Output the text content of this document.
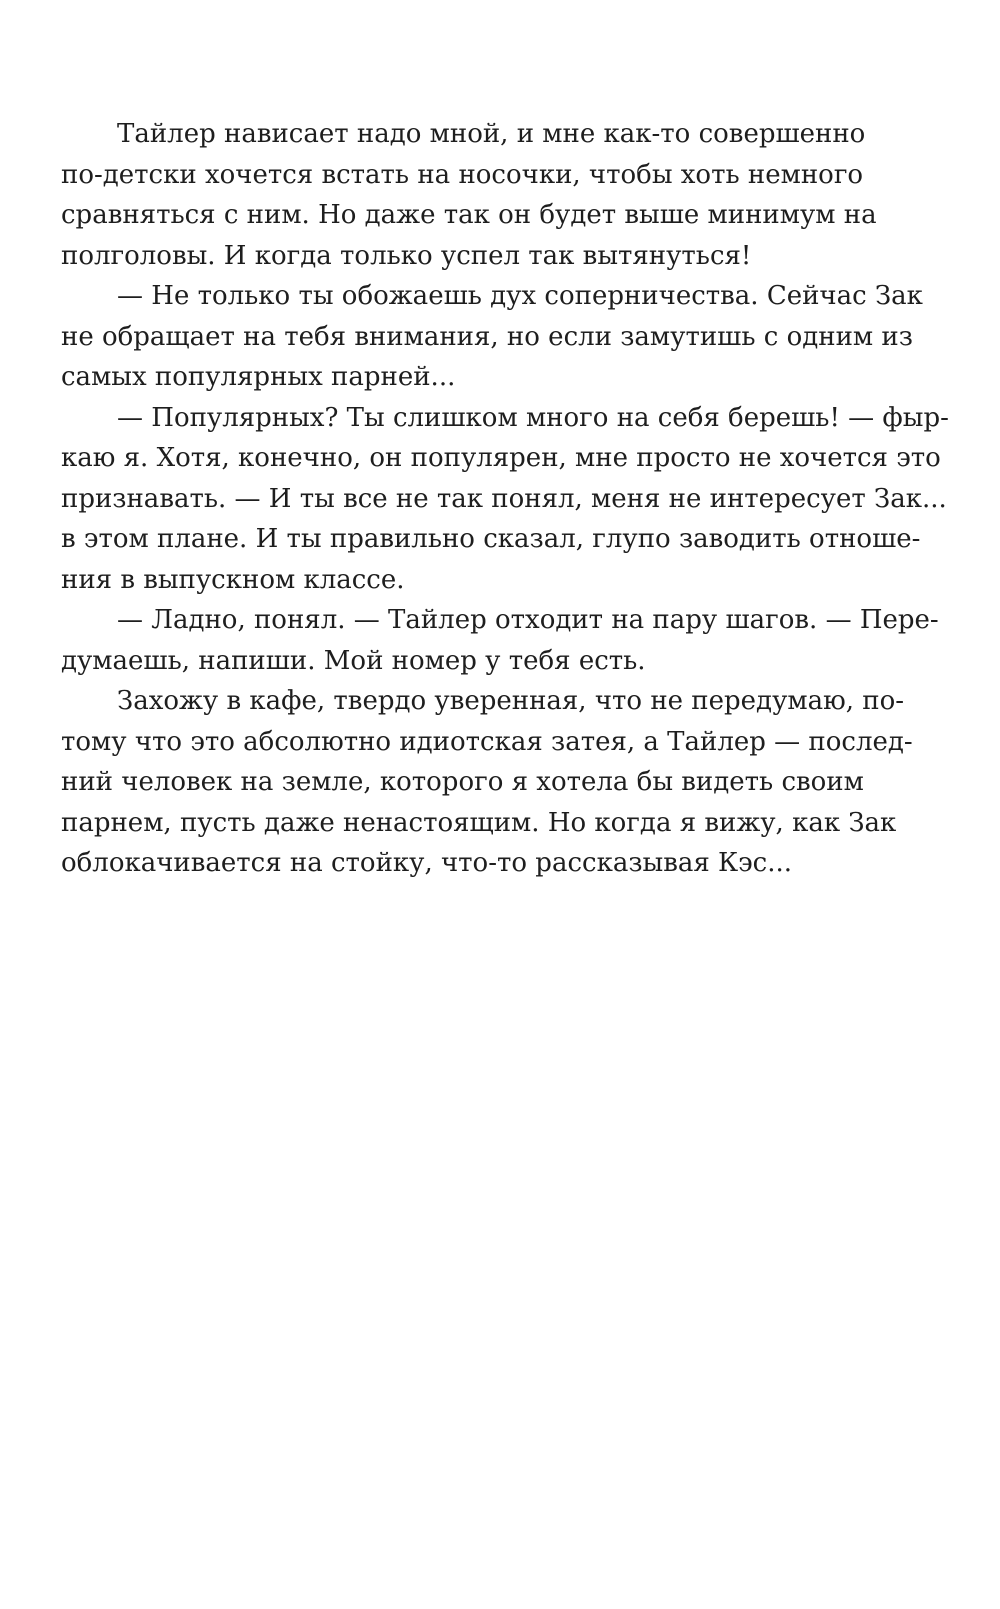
Тайлер нависает надо мной, и мне как-то совершенно
по-детски хочется встать на носочки, чтобы хоть немного
сравняться с ним. Но даже так он будет выше минимум на
полголовы. И когда только успел так вытянуться!

— Не только ты обожаешь дух соперничества. Сейчас Зак
не обращает на тебя внимания, но если замутишь с одним из
самых популярных парней...

— Популярных? Ты слишком много на себя берешь! — фыр-
каю я. Хотя, конечно, он популярен, мне просто не хочется это
признавать. — И ты все не так понял, меня не интересует Зак...
в этом плане. И ты правильно сказал, глупо заводить отноше-
ния в выпускном классе.

— Ладно, понял. — Тайлер отходит на пару шагов. — Пере-
думаешь, напиши. Мой номер у тебя есть.

Захожу в кафе, твердо уверенная, что не передумаю, по-
тому что это абсолютно идиотская затея, а Тайлер — послед-
ний человек на земле, которого я хотела бы видеть своим
парнем, пусть даже ненастоящим. Но когда я вижу, как Зак
облокачивается на стойку, что-то рассказывая Кэс...
